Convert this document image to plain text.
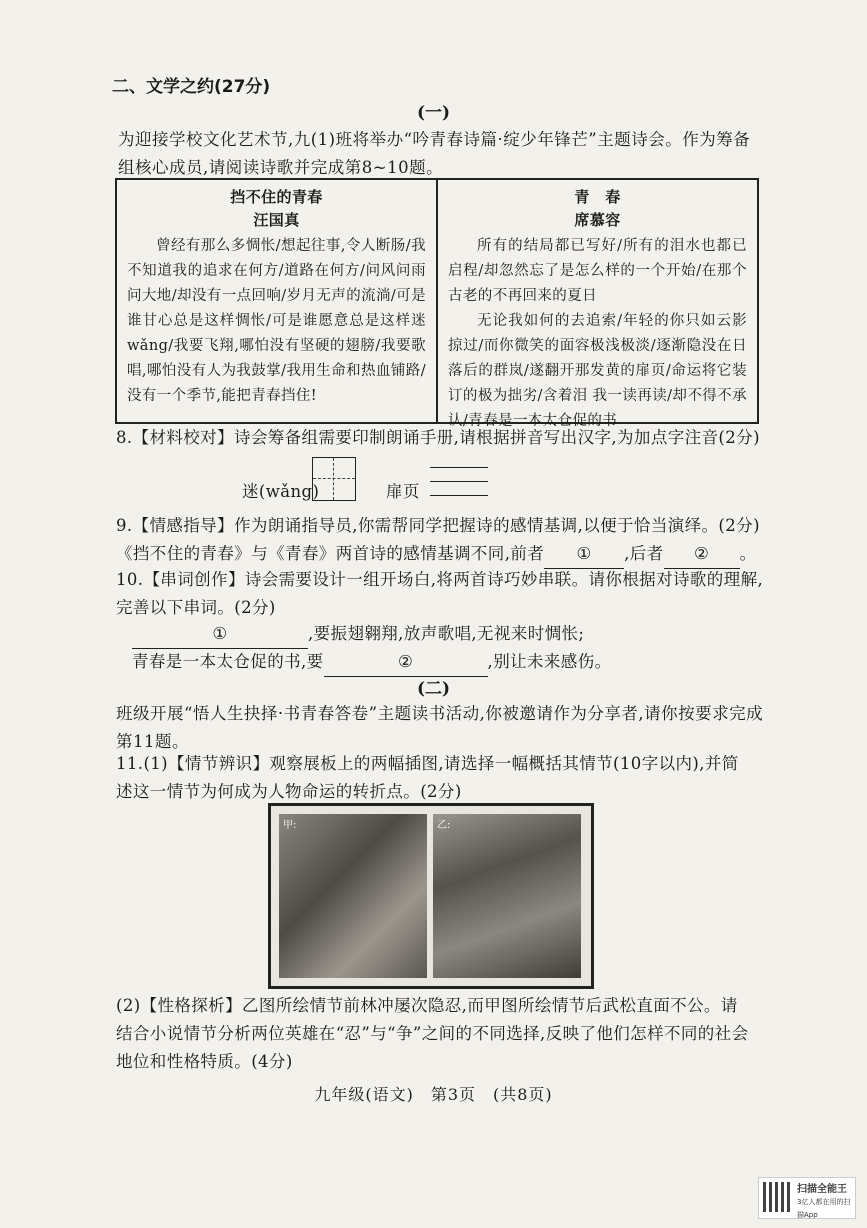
二、文学之约(27分)
(一)
为迎接学校文化艺术节,九(1)班将举办“吟青春诗篇·绽少年锋芒”主题诗会。作为筹备组核心成员,请阅读诗歌并完成第8~10题。
挡不住的青春
汪国真
曾经有那么多惆怅/想起往事,令人断肠/我不知道我的追求在何方/道路在何方/问风问雨问大地/却没有一点回响/岁月无声的流淌/可是谁甘心总是这样惆怅/可是谁愿意总是这样迷 wǎng/我要飞翔,哪怕没有坚硬的翅膀/我要歌唱,哪怕没有人为我鼓掌/我用生命和热血铺路/没有一个季节,能把青春挡住!
青　春
席慕容
所有的结局都已写好/所有的泪水也都已启程/却忽然忘了是怎么样的一个开始/在那个古老的不再回来的夏日
无论我如何的去追索/年轻的你只如云影掠过/而你微笑的面容极浅极淡/逐渐隐没在日落后的群岚/遂翻开那发黄的扉页/命运将它装订的极为拙劣/含着泪 我一读再读/却不得不承认/青春是一本太仓促的书
8.【材料校对】诗会筹备组需要印制朗诵手册,请根据拼音写出汉字,为加点字注音(2分)
迷(wǎng)	扉页
9.【情感指导】作为朗诵指导员,你需帮同学把握诗的感情基调,以便于恰当演绎。(2分)
《挡不住的青春》与《青春》两首诗的感情基调不同,前者 ① ,后者 ② 。
10.【串词创作】诗会需要设计一组开场白,将两首诗巧妙串联。请你根据对诗歌的理解,完善以下串词。(2分)
①	,要振翅翱翔,放声歌唱,无视来时惆怅;
青春是一本太仓促的书,要	②	,别让未来感伤。
(二)
班级开展“悟人生抉择·书青春答卷”主题读书活动,你被邀请作为分享者,请你按要求完成第11题。
11.(1)【情节辨识】观察展板上的两幅插图,请选择一幅概括其情节(10字以内),并简述这一情节为何成为人物命运的转折点。(2分)
甲:	乙:
(2)【性格探析】乙图所绘情节前林冲屡次隐忍,而甲图所绘情节后武松直面不公。请结合小说情节分析两位英雄在“忍”与“争”之间的不同选择,反映了他们怎样不同的社会地位和性格特质。(4分)
九年级(语文)　第3页　(共8页)
扫描全能王
3亿人都在用的扫描App
